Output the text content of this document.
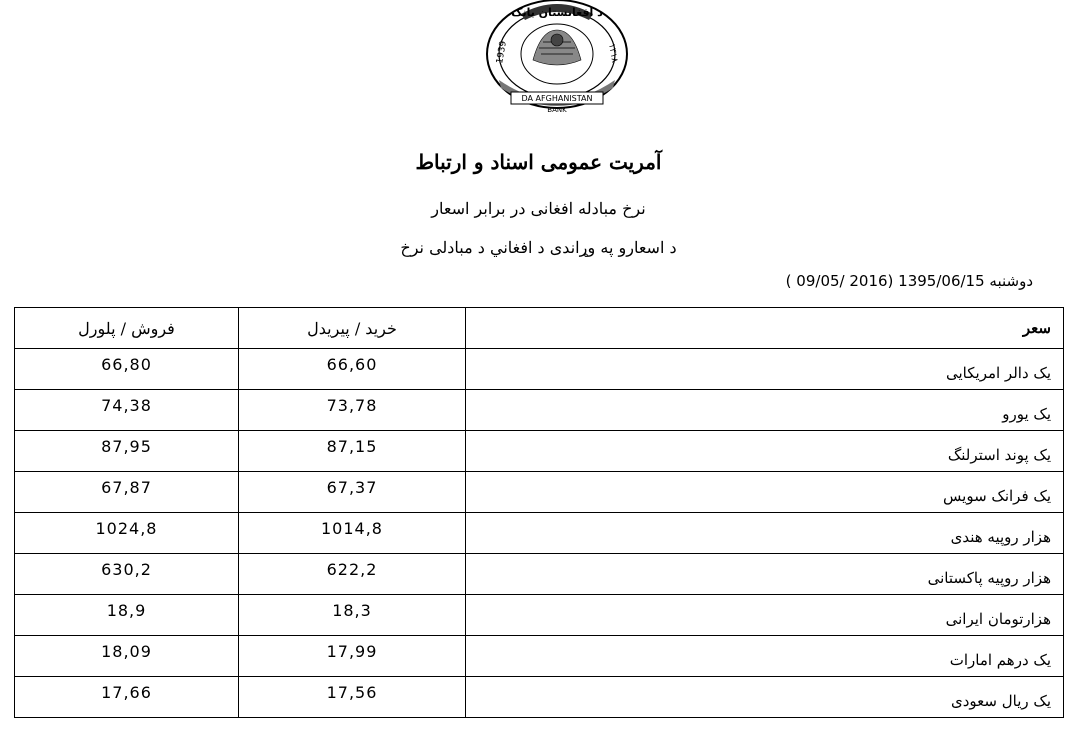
1939	١٣١٨
د افغانستان بانک
DA AFGHANISTAN
BANK
آمریت عمومی اسناد و ارتباط
نرخ مبادله افغانی در برابر اسعار
د اسعارو په وړاندی د افغاني د مبادلی نرخ
دوشنبه 1395/06/15 (2016 /09/05 )
فروش / پلورل	خرید / پیریدل	سعر
66,80	66,60	یک دالر امریکایی
74,38	73,78	یک یورو
87,95	87,15	یک پوند استرلنگ
67,87	67,37	یک فرانک سویس
1024,8	1014,8	هزار روپیه هندی
630,2	622,2	هزار روپیه پاکستانی
18,9	18,3	هزارتومان ایرانی
18,09	17,99	یک درهم امارات
17,66	17,56	یک ریال سعودی
